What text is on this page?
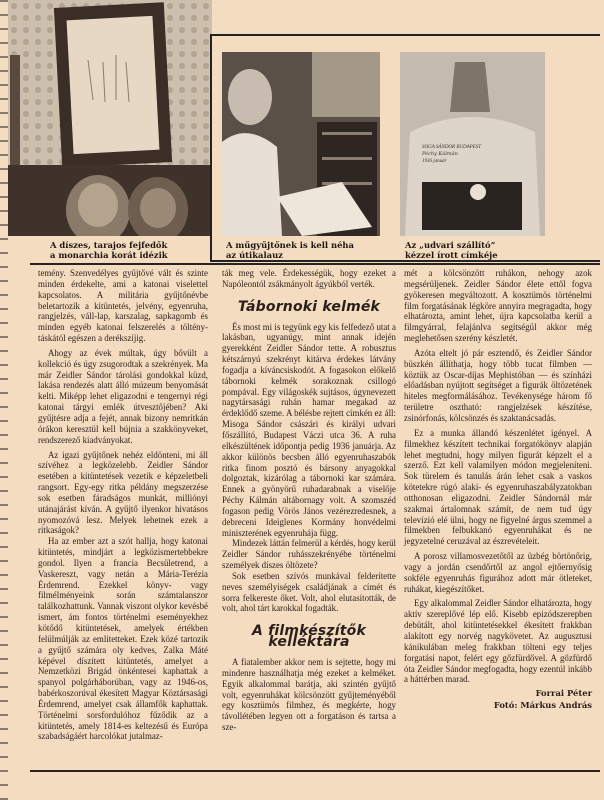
SOGA SÁNDOR BUDAPEST
Péchy Kálmán
1936 január
A díszes, tarajos fejfedők
a monarchia korát idézik
A műgyűjtőnek is kell néha
az útikalauz
Az „udvari szállító”
kézzel írott címkéje

temény. Szenvedélyes gyűjtővé vált és szinte minden érdekelte, ami a katonai viselettel kapcsolatos. A militária gyűjtőnévbe beletartozik a kitüntetés, jelvény, egyenruha, rangjelzés, váll-lap, karszalag, sapkagomb és minden egyéb katonai felszerelés a tölténytáskától egészen a derékszíjig.

Ahogy az évek múltak, úgy bővült a kollekció és úgy zsugorodtak a szekrények. Ma már Zeidler Sándor tárolási gondokkal küzd, lakása rendezés alatt álló múzeum benyomását kelti. Miképp lehet eligazodni e tengernyi régi katonai tárgyi emlék útvesztőjében? Aki gyűjtésre adja a fejét, annak bizony nemritkán órákon keresztül kell bújnia a szakkönyveket, rendszerező kiadványokat.

Az igazi gyűjtőnek nehéz eldönteni, mi áll szívéhez a legközelebb. Zeidler Sándor esetében a kitüntetések vezetik e képzeletbeli rangsort. Egy-egy ritka példány megszerzése sok esetben fáradságos munkát, milliónyi utánajárást kíván. A gyűjtő ilyenkor hivatásos nyomozóvá lesz. Melyek lehetnek ezek a ritkaságok?

Ha az ember azt a szót hallja, hogy katonai kitüntetés, mindjárt a legközismertebbekre gondol. Ilyen a francia Becsületrend, a Vaskereszt, vagy netán a Mária-Terézia Érdemrend. Ezekkel könyv- vagy filmélményeink során számtalanszor találkozhattunk. Vannak viszont olykor kevésbé ismert, ám fontos történelmi eseményekhez kötődő kitüntetések, amelyek értékben felülmúlják az említetteket. Ezek közé tartozik a gyűjtő számára oly kedves, Zalka Máté képével díszített kitüntetés, amelyet a Nemzetközi Brigád önkéntesei kaphattak a spanyol polgárháborúban, vagy az 1946-os, babérkoszorúval ékesített Magyar Köztársasági Érdemrend, amelyet csak államfők kaphattak. Történelmi sorsfordulóhoz fűződik az a kitüntetés, amely 1814-es keltezésű és Európa szabadságáért harcolókat jutalmaz-

ták meg vele. Érdekességük, hogy ezeket a Napóleontól zsákmányolt ágyúkból verték.

Tábornoki kelmék

És most mi is tegyünk egy kis felfedező utat a lakásban, ugyanúgy, mint annak idején gyerekként Zeidler Sándor tette. A robusztus kétszárnyú szekrényt kitárva érdekes látvány fogadja a kíváncsiskodót. A fogasokon előkelő tábornoki kelmék sorakoznak csillogó pompával. Egy világoskék sujtásos, úgynevezett nagytársasági ruhán hamar megakad az érdeklődő szeme. A bélésbe rejtett címkén ez áll: Misoga Sándor császári és királyi udvari főszállító, Budapest Váczi utca 36. A ruha elkészültének időpontja pedig 1936 januárja. Az akkor különös becsben álló egyenruhaszabók ritka finom posztó és bársony anyagokkal dolgoztak, kizárólag a tábornoki kar számára. Ennek a gyönyörű ruhadarabnak a viselője Péchy Kálmán altábornagy volt. A szomszéd fogason pedig Vörös János vezérezredesnek, a debreceni Ideiglenes Kormány honvédelmi miniszterének egyenruhája függ.

Mindezek láttán felmerül a kérdés, hogy kerül Zeidler Sándor ruhásszekrényébe történelmi személyek díszes öltözete?

Sok esetben szívós munkával felderítette neves személyiségek családjának a címét és sorra felkereste őket. Volt, ahol elutasították, de volt, ahol tárt karokkal fogadták.

A filmkészítők kelléktára

A fiatalember akkor nem is sejtette, hogy mi mindenre használhatja még ezeket a kelméket. Egyik alkalommal barátja, aki szintén gyűjtő volt, egyenruhákat kölcsönzött gyűjteményéből egy kosztümös filmhez, és megkérte, hogy távollétében legyen ott a forgatáson és tartsa a sze-

mét a kölcsönzött ruhákon, nehogy azok megsérüljenek. Zeidler Sándor élete ettől fogva gyökeresen megváltozott. A kosztümös történelmi film forgatásának légköre annyira megragadta, hogy elhatározta, amint lehet, újra kapcsolatba kerül a filmgyárral, felajánlva segítségül akkor még meglehetősen szerény készletét.

Azóta eltelt jó pár esztendő, és Zeidler Sándor büszkén állíthatja, hogy több tucat filmben — köztük az Oscar-díjas Mephistóban — és színházi előadásban nyújtott segítséget a figurák öltözetének hiteles megformálásához. Tevékenysége három fő területre osztható: rangjelzések készítése, zsinórfonás, kölcsönzés és szaktanácsadás.

Ez a munka állandó készenlétet igényel. A filmekhez készített technikai forgatókönyv alapján lehet megtudni, hogy milyen figurát képzelt el a szerző. Ezt kell valamilyen módon megjeleníteni. Sok türelem és tanulás árán lehet csak a vaskos kötetekre rúgó alaki- és egyenruhaszabályzatokban otthonosan eligazodni. Zeidler Sándornál már szakmai ártalomnak számít, de nem tud úgy televízió elé ülni, hogy ne figyelné árgus szemmel a filmekben felbukkanó egyenruhákat és ne jegyzetelné ceruzával az észrevételeit.

A porosz villamosvezetőtől az üzbég börtönőrig, vagy a jordán csendőrtől az angol ejtőernyősig sokféle egyenruhás figurához adott már ötleteket, ruhákat, kiegészítőket.

Egy alkalommal Zeidler Sándor elhatározta, hogy aktív szereplővé lép elő. Kisebb epizódszerepben debütált, ahol kitüntetésekkel ékesített frakkban alakított egy norvég nagykövetet. Az augusztusi kánikulában meleg frakkban tölteni egy teljes forgatási napot, felért egy gőzfürdővel. A gőzfürdő óta Zeidler Sándor megfogadta, hogy ezentúl inkább a háttérben marad.

Forrai Péter
Fotó: Márkus András
